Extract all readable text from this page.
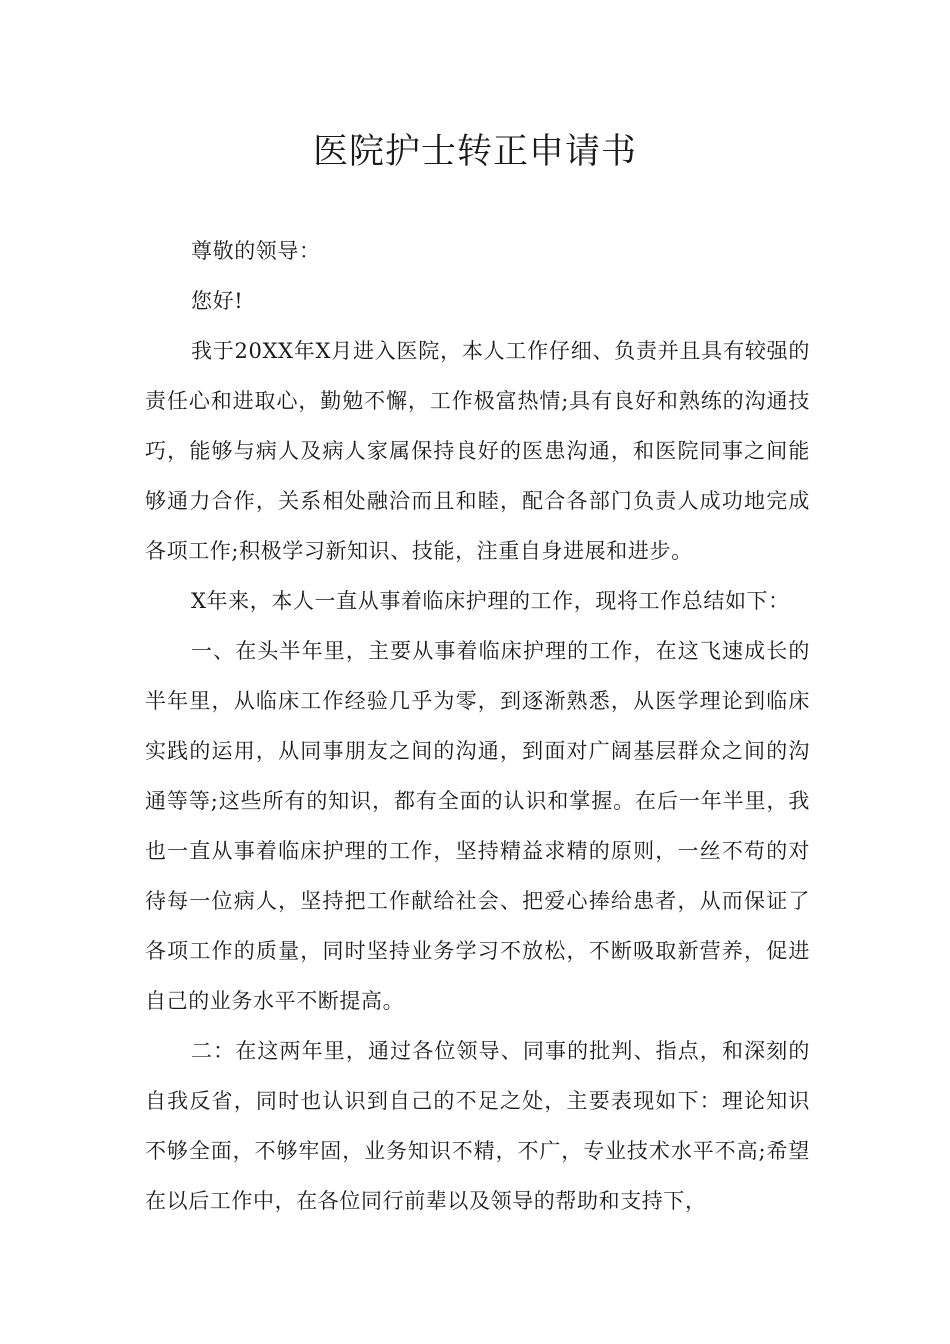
医院护士转正申请书

尊敬的领导：

您好!

我于20XX年X月进入医院，本人工作仔细、负责并且具有较强的责任心和进取心，勤勉不懈，工作极富热情;具有良好和熟练的沟通技巧，能够与病人及病人家属保持良好的医患沟通，和医院同事之间能够通力合作，关系相处融洽而且和睦，配合各部门负责人成功地完成各项工作;积极学习新知识、技能，注重自身进展和进步。

X年来，本人一直从事着临床护理的工作，现将工作总结如下：

一、在头半年里，主要从事着临床护理的工作，在这飞速成长的半年里，从临床工作经验几乎为零，到逐渐熟悉，从医学理论到临床实践的运用，从同事朋友之间的沟通，到面对广阔基层群众之间的沟通等等;这些所有的知识，都有全面的认识和掌握。在后一年半里，我也一直从事着临床护理的工作，坚持精益求精的原则，一丝不苟的对待每一位病人，坚持把工作献给社会、把爱心捧给患者，从而保证了各项工作的质量，同时坚持业务学习不放松，不断吸取新营养，促进自己的业务水平不断提高。

二：在这两年里，通过各位领导、同事的批判、指点，和深刻的自我反省，同时也认识到自己的不足之处，主要表现如下：理论知识不够全面，不够牢固，业务知识不精，不广，专业技术水平不高;希望在以后工作中，在各位同行前辈以及领导的帮助和支持下，
